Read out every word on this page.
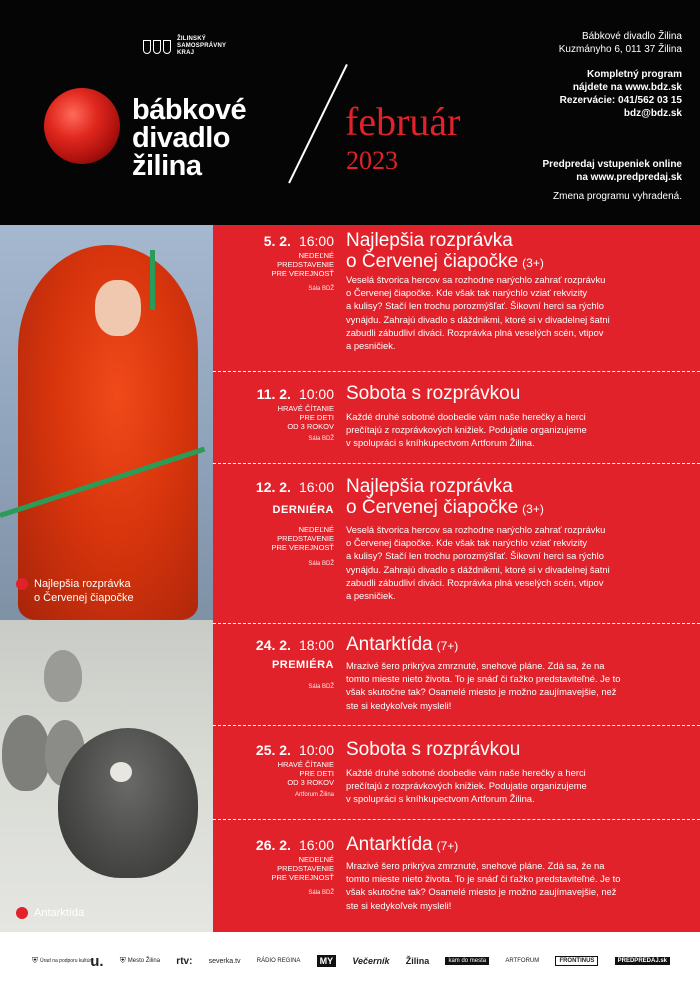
ŽILINSKÝ SAMOSPRÁVNY KRAJ
bábkové
divadlo
žilina
február
2023
Bábkové divadlo Žilina
Kuzmányho 6, 011 37 Žilina
Kompletný program
nájdete na www.bdz.sk
Rezervácie: 041/562 03 15
bdz@bdz.sk
Predpredaj vstupeniek online
na www.predpredaj.sk
Zmena programu vyhradená.
Najlepšia rozprávka
o Červenej čiapočke
Antarktída
5. 2. 16:00
NEDEĽNÉ
PREDSTAVENIE
PRE VEREJNOSŤ
Sála BDŽ
Najlepšia rozprávka
o Červenej čiapočke (3+)
Veselá štvorica hercov sa rozhodne narýchlo zahrať rozprávku
o Červenej čiapočke. Kde však tak narýchlo vziať rekvizity
a kulisy? Stačí len trochu porozmýšľať. Šikovní herci sa rýchlo
vynájdu. Zahrajú divadlo s dáždnikmi, ktoré si v divadelnej šatni
zabudli zábudliví diváci. Rozprávka plná veselých scén, vtipov
a pesničiek.
11. 2. 10:00
HRAVÉ ČÍTANIE
PRE DETI
OD 3 ROKOV
Sála BDŽ
Sobota s rozprávkou
Každé druhé sobotné doobedie vám naše herečky a herci
prečítajú z rozprávkových knižiek. Podujatie organizujeme
v spolupráci s kníhkupectvom Artforum Žilina.
12. 2. 16:00
DERNIÉRA
NEDEĽNÉ
PREDSTAVENIE
PRE VEREJNOSŤ
Sála BDŽ
Najlepšia rozprávka
o Červenej čiapočke (3+)
Veselá štvorica hercov sa rozhodne narýchlo zahrať rozprávku
o Červenej čiapočke. Kde však tak narýchlo vziať rekvizity
a kulisy? Stačí len trochu porozmýšľať. Šikovní herci sa rýchlo
vynájdu. Zahrajú divadlo s dáždnikmi, ktoré si v divadelnej šatni
zabudli zábudliví diváci. Rozprávka plná veselých scén, vtipov
a pesničiek.
24. 2. 18:00
PREMIÉRA
Sála BDŽ
Antarktída (7+)
Mrazivé šero prikrýva zmrznuté, snehové pláne. Zdá sa, že na
tomto mieste nieto života. To je snáď či ťažko predstaviteľné. Je to
však skutočne tak? Osamelé miesto je možno zaujímavejšie, než
ste si kedykoľvek mysleli!
25. 2. 10:00
HRAVÉ ČÍTANIE
PRE DETI
OD 3 ROKOV
Artforum Žilina
Sobota s rozprávkou
Každé druhé sobotné doobedie vám naše herečky a herci
prečítajú z rozprávkových knižiek. Podujatie organizujeme
v spolupráci s kníhkupectvom Artforum Žilina.
26. 2. 16:00
NEDEĽNÉ
PREDSTAVENIE
PRE VEREJNOSŤ
Sála BDŽ
Antarktída (7+)
Mrazivé šero prikrýva zmrznuté, snehové pláne. Zdá sa, že na
tomto mieste nieto života. To je snáď či ťažko predstaviteľné. Je to
však skutočne tak? Osamelé miesto je možno zaujímavejšie, než
ste si kedykoľvek mysleli!
⛨ Úrad na podporu kultúry
u. ⛨ Mesto Žilina rtv: severka.tv	RÁDIO REGINA	MY	Večerník Žilina	kam do mesta	ARTFORUM	FRONTINUS	PREDPREDAJ.sk
